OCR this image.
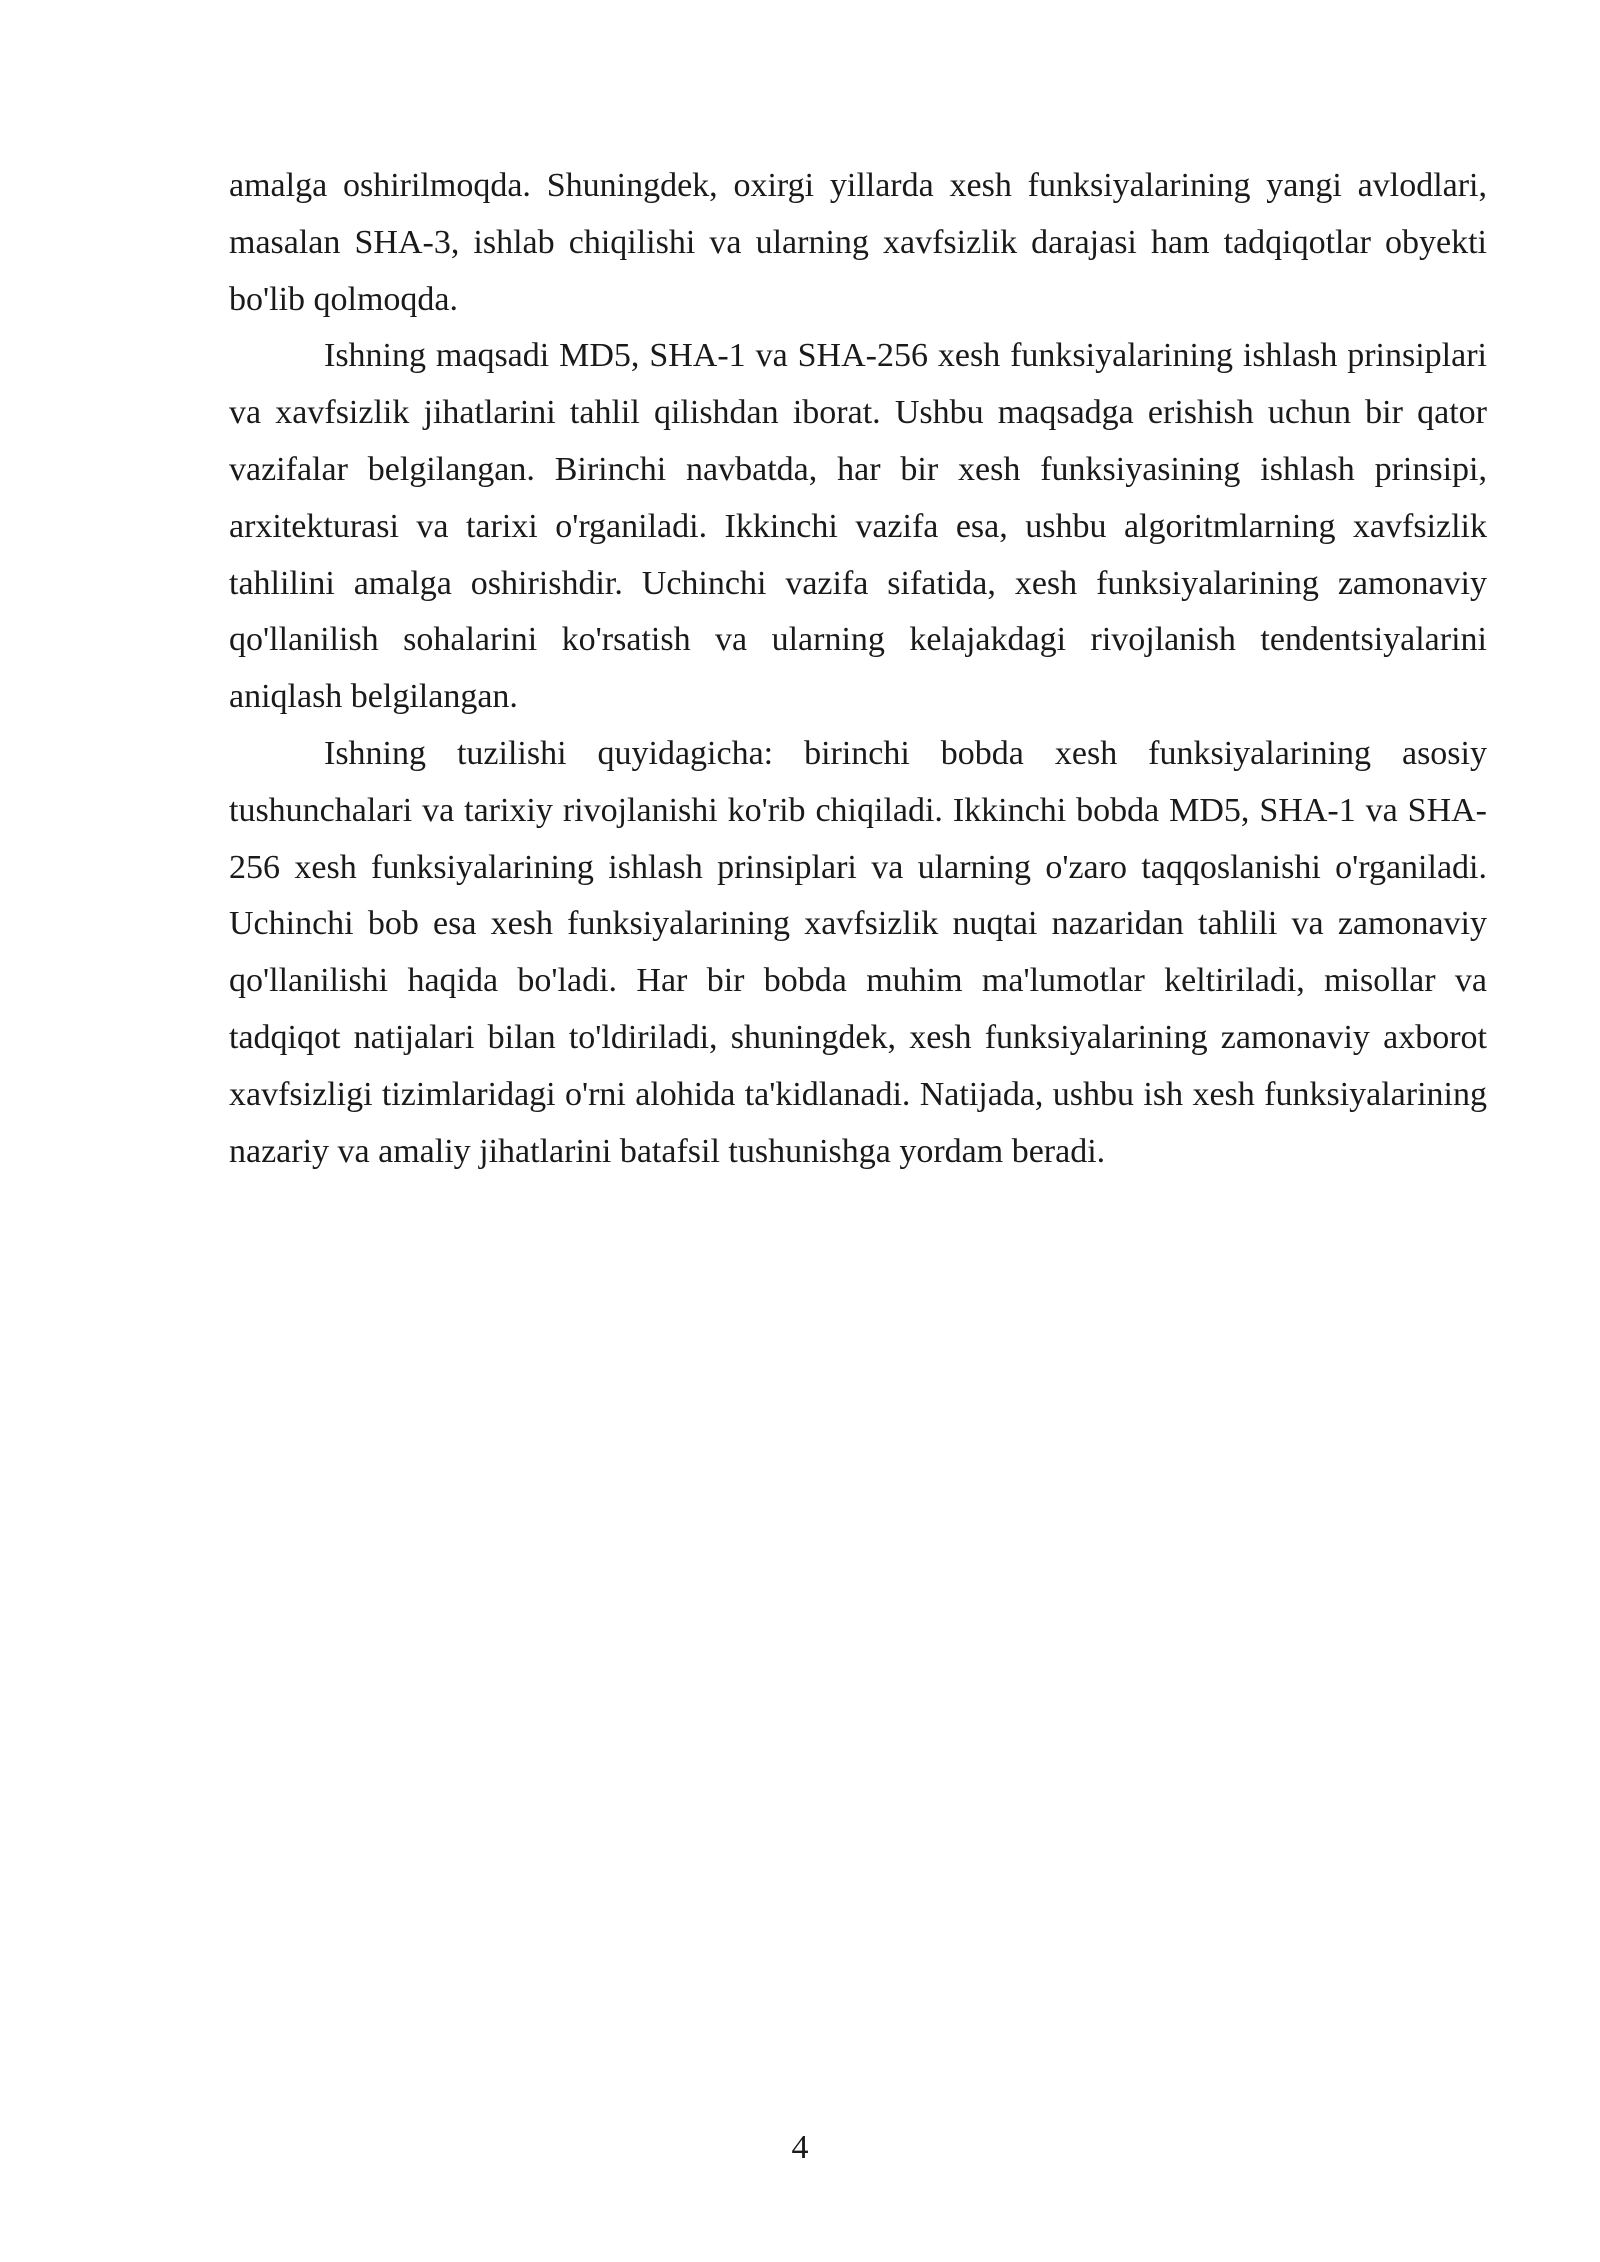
amalga oshirilmoqda. Shuningdek, oxirgi yillarda xesh funksiyalarining yangi avlodlari, masalan SHA-3, ishlab chiqilishi va ularning xavfsizlik darajasi ham tadqiqotlar obyekti bo'lib qolmoqda.

Ishning maqsadi MD5, SHA-1 va SHA-256 xesh funksiyalarining ishlash prinsiplari va xavfsizlik jihatlarini tahlil qilishdan iborat. Ushbu maqsadga erishish uchun bir qator vazifalar belgilangan. Birinchi navbatda, har bir xesh funksiyasining ishlash prinsipi, arxitekturasi va tarixi o'rganiladi. Ikkinchi vazifa esa, ushbu algoritmlarning xavfsizlik tahlilini amalga oshirishdir. Uchinchi vazifa sifatida, xesh funksiyalarining zamonaviy qo'llanilish sohalarini ko'rsatish va ularning kelajakdagi rivojlanish tendentsiyalarini aniqlash belgilangan.

Ishning tuzilishi quyidagicha: birinchi bobda xesh funksiyalarining asosiy tushunchalari va tarixiy rivojlanishi ko'rib chiqiladi. Ikkinchi bobda MD5, SHA-1 va SHA-256 xesh funksiyalarining ishlash prinsiplari va ularning o'zaro taqqoslanishi o'rganiladi. Uchinchi bob esa xesh funksiyalarining xavfsizlik nuqtai nazaridan tahlili va zamonaviy qo'llanilishi haqida bo'ladi. Har bir bobda muhim ma'lumotlar keltiriladi, misollar va tadqiqot natijalari bilan to'ldiriladi, shuningdek, xesh funksiyalarining zamonaviy axborot xavfsizligi tizimlaridagi o'rni alohida ta'kidlanadi. Natijada, ushbu ish xesh funksiyalarining nazariy va amaliy jihatlarini batafsil tushunishga yordam beradi.

4
